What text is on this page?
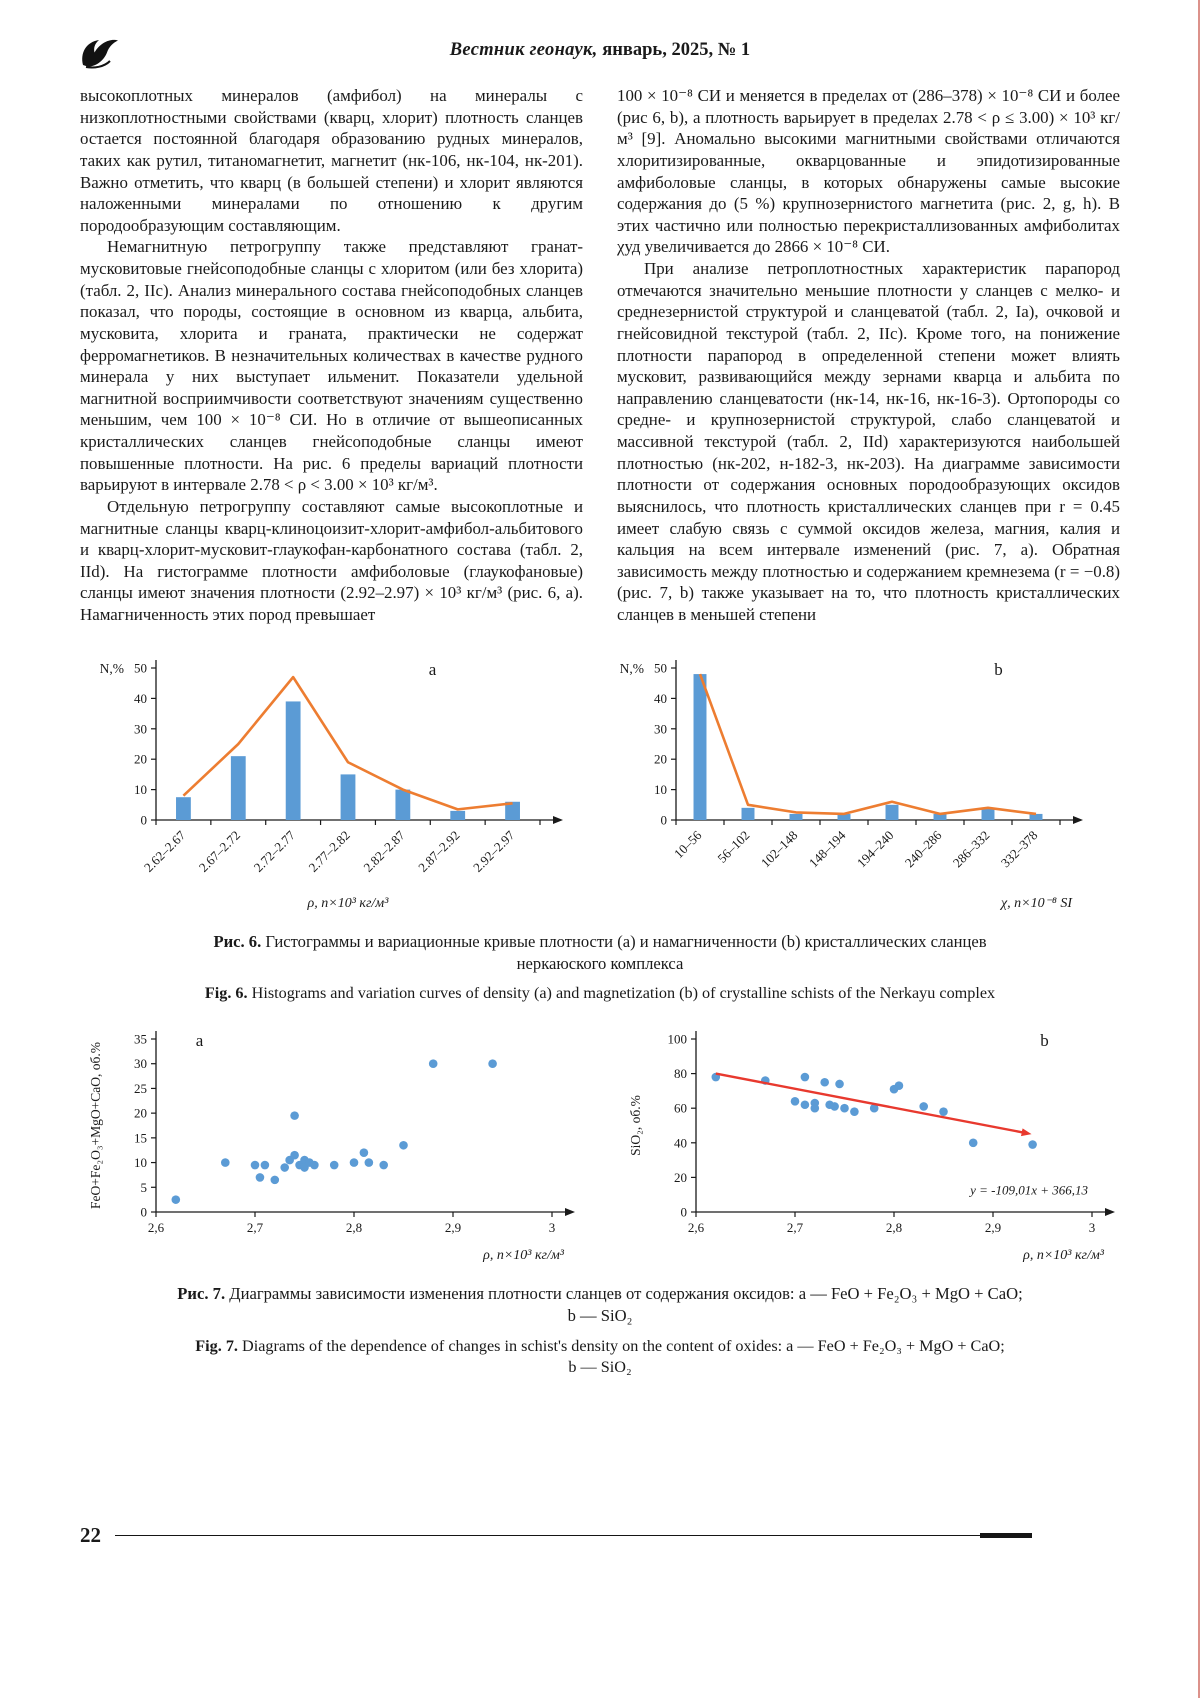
Вестник геонаук, январь, 2025, № 1

высокоплотных минералов (амфибол) на минералы с низкоплотностными свойствами (кварц, хлорит) плотность сланцев остается постоянной благодаря образованию рудных минералов, таких как рутил, титаномагнетит, магнетит (нк-106, нк-104, нк-201). Важно отметить, что кварц (в большей степени) и хлорит являются наложенными минералами по отношению к другим породообразующим составляющим.

Немагнитную петрогруппу также представляют гранат-мусковитовые гнейсоподобные сланцы с хлоритом (или без хлорита) (табл. 2, IIc). Анализ минерального состава гнейсоподобных сланцев показал, что породы, состоящие в основном из кварца, альбита, мусковита, хлорита и граната, практически не содержат ферромагнетиков. В незначительных количествах в качестве рудного минерала у них выступает ильменит. Показатели удельной магнитной восприимчивости соответствуют значениям существенно меньшим, чем 100 × 10⁻⁸ СИ. Но в отличие от вышеописанных кристаллических сланцев гнейсоподобные сланцы имеют повышенные плотности. На рис. 6 пределы вариаций плотности варьируют в интервале 2.78 < ρ < 3.00 × 10³ кг/м³.

Отдельную петрогруппу составляют самые высокоплотные и магнитные сланцы кварц-клиноцоизит-хлорит-амфибол-альбитового и кварц-хлорит-мусковит-глаукофан-карбонатного состава (табл. 2, IId). На гистограмме плотности амфиболовые (глаукофановые) сланцы имеют значения плотности (2.92–2.97) × 10³ кг/м³ (рис. 6, a). Намагниченность этих пород превышает

100 × 10⁻⁸ СИ и меняется в пределах от (286–378) × 10⁻⁸ СИ и более (рис 6, b), а плотность варьирует в пределах 2.78 < ρ ≤ 3.00) × 10³ кг/м³ [9]. Аномально высокими магнитными свойствами отличаются хлоритизированные, окварцованные и эпидотизированные амфиболовые сланцы, в которых обнаружены самые высокие содержания до (5 %) крупнозернистого магнетита (рис. 2, g, h). В этих частично или полностью перекристаллизованных амфиболитах χуд увеличивается до 2866 × 10⁻⁸ СИ.

При анализе петроплотностных характеристик парапород отмечаются значительно меньшие плотности у сланцев с мелко- и среднезернистой структурой и сланцеватой (табл. 2, Ia), очковой и гнейсовидной текстурой (табл. 2, IIc). Кроме того, на понижение плотности парапород в определенной степени может влиять мусковит, развивающийся между зернами кварца и альбита по направлению сланцеватости (нк-14, нк-16, нк-16-3). Ортопороды со средне- и крупнозернистой структурой, слабо сланцеватой и массивной текстурой (табл. 2, IId) характеризуются наибольшей плотностью (нк-202, н-182-3, нк-203). На диаграмме зависимости плотности от содержания основных породообразующих оксидов выяснилось, что плотность кристаллических сланцев при r = 0.45 имеет слабую связь с суммой оксидов железа, магния, калия и кальция на всем интервале изменений (рис. 7, a). Обратная зависимость между плотностью и содержанием кремнезема (r = −0.8) (рис. 7, b) также указывает на то, что плотность кристаллических сланцев в меньшей степени

0
10
20
30
40
50
2.62–2.67 2.67–2.72 2.72–2.77 2.77–2.82 2.82–2.87 2.87–2.92 2.92–2.97
N,%
ρ, n×10³ кг/м³
a
0
10
20
30
40
50
10–56 56–102 102–148 148–194 194–240 240–286 286–332 332–378
N,%
χ, n×10⁻⁸ SI
b

Рис. 6. Гистограммы и вариационные кривые плотности (a) и намагниченности (b) кристаллических сланцев
неркаюского комплекса

Fig. 6. Histograms and variation curves of density (a) and magnetization (b) of crystalline schists of the Nerkayu complex

0
5
10
15
20
25
30
35
2,6	2,7	2,8	2,9	3
FeO+Fe₂O₃+MgO+CaO, об.%
ρ, n×10³ кг/м³
a
0
20
40
60
80
100
2,6	2,7	2,8	2,9	3
y = -109,01x + 366,13
SiO₂, об.%
ρ, n×10³ кг/м³
b

Рис. 7. Диаграммы зависимости изменения плотности сланцев от содержания оксидов: a — FeO + Fe₂O₃ + MgO + CaO;
b — SiO₂

Fig. 7. Diagrams of the dependence of changes in schist's density on the content of oxides: a — FeO + Fe₂O₃ + MgO + CaO;
b — SiO₂

22
